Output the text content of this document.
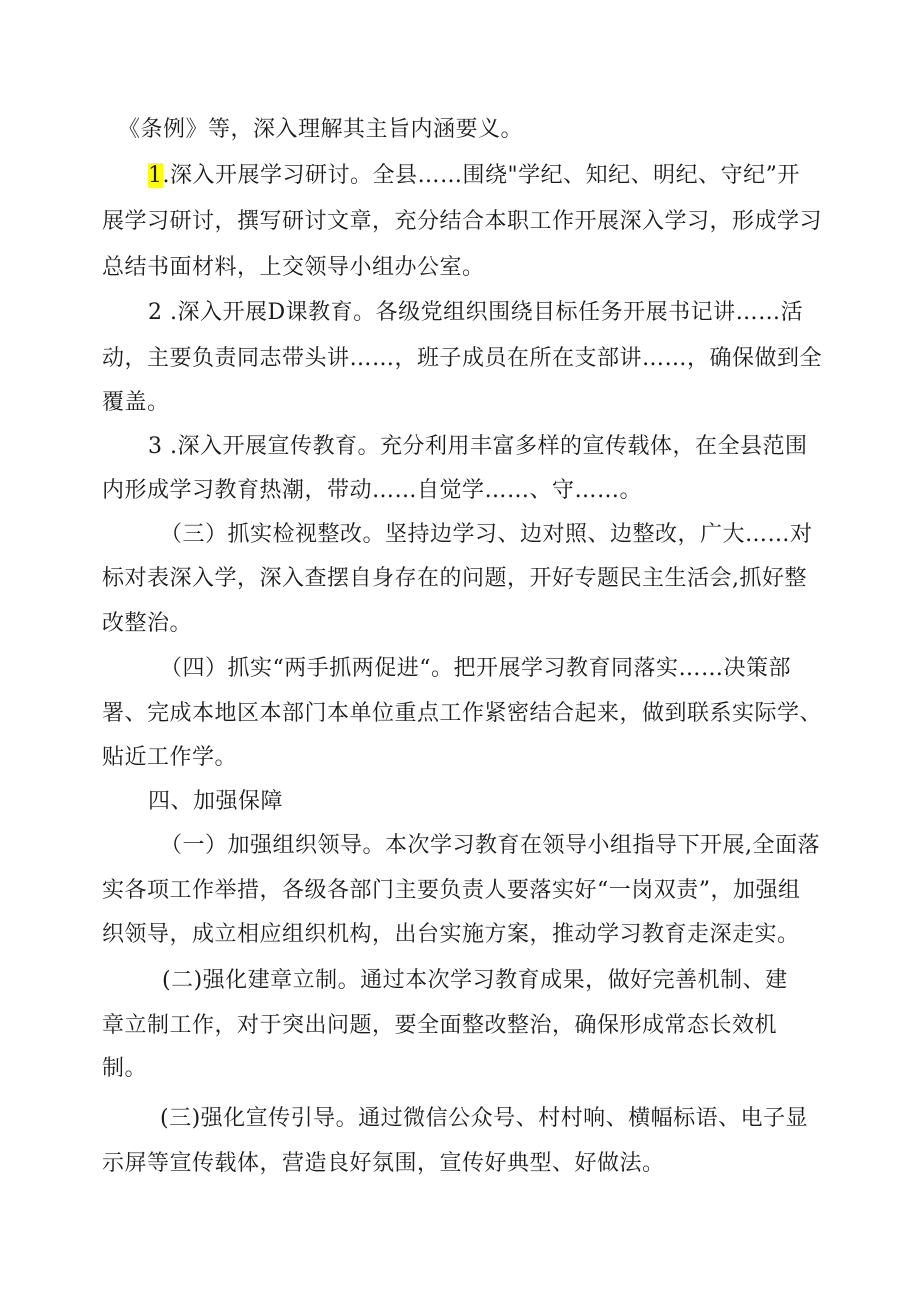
《条例》等，深入理解其主旨内涵要义。
1.深入开展学习研讨。全县……围绕"学纪、知纪、明纪、守纪”开
展学习研讨，撰写研讨文章，充分结合本职工作开展深入学习，形成学习
总结书面材料，上交领导小组办公室。
2 .深入开展D课教育。各级党组织围绕目标任务开展书记讲……活
动，主要负责同志带头讲……，班子成员在所在支部讲……，确保做到全
覆盖。
3 .深入开展宣传教育。充分利用丰富多样的宣传载体，在全县范围
内形成学习教育热潮，带动……自觉学……、守……。
（三）抓实检视整改。坚持边学习、边对照、边整改，广大……对
标对表深入学，深入查摆自身存在的问题，开好专题民主生活会,抓好整
改整治。
（四）抓实“两手抓两促进“。把开展学习教育同落实……决策部
署、完成本地区本部门本单位重点工作紧密结合起来，做到联系实际学、
贴近工作学。
四、加强保障
（一）加强组织领导。本次学习教育在领导小组指导下开展,全面落
实各项工作举措，各级各部门主要负责人要落实好“一岗双责”，加强组
织领导，成立相应组织机构，出台实施方案，推动学习教育走深走实。
(二)强化建章立制。通过本次学习教育成果，做好完善机制、建
章立制工作，对于突出问题，要全面整改整治，确保形成常态长效机
制。
(三)强化宣传引导。通过微信公众号、村村响、横幅标语、电子显
示屏等宣传载体，营造良好氛围，宣传好典型、好做法。
